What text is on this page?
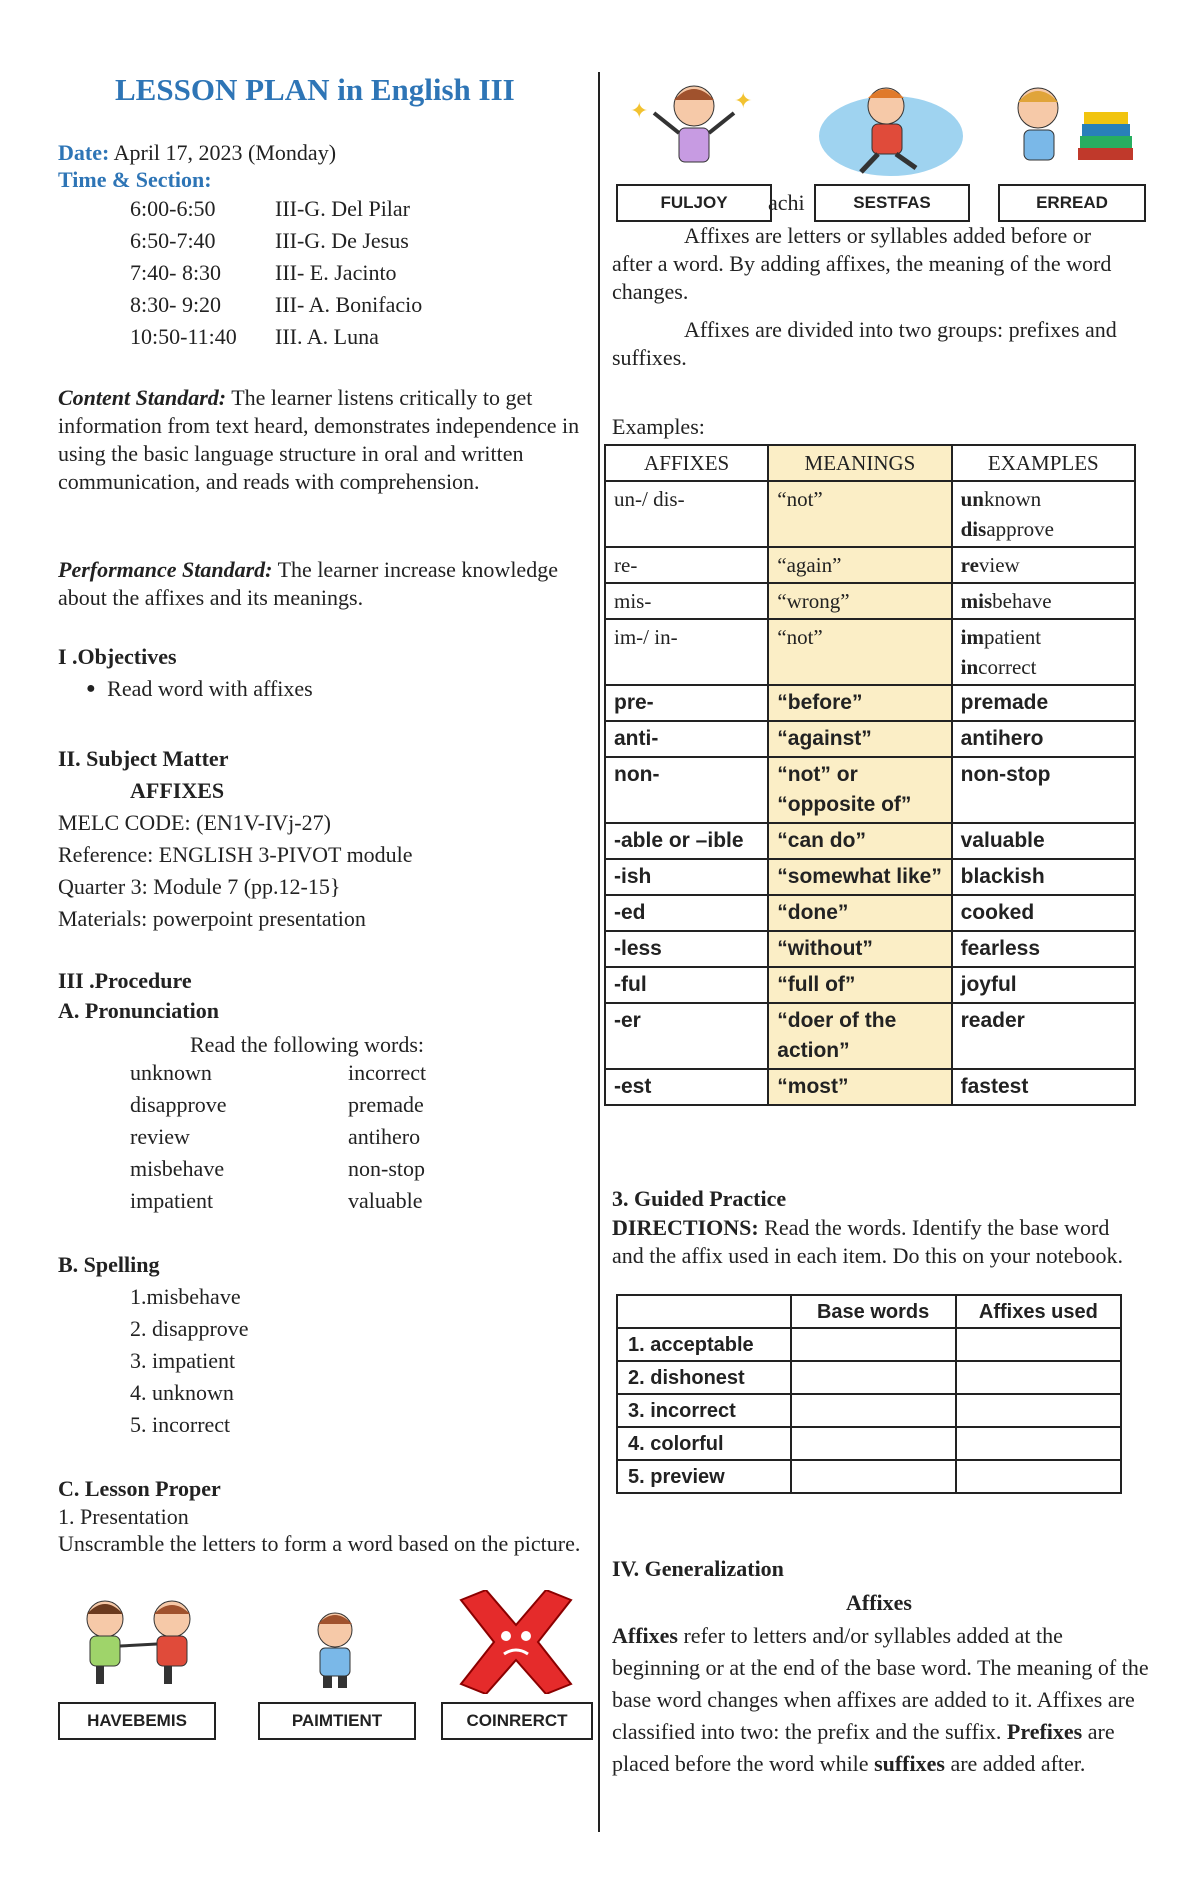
LESSON PLAN in English III
Date: April 17, 2023 (Monday)
Time & Section:
6:00-6:50	III-G. Del Pilar
6:50-7:40	III-G. De Jesus
7:40- 8:30 III- E. Jacinto
8:30- 9:20 III- A. Bonifacio
10:50-11:40 III. A. Luna
Content Standard: The learner listens critically to get information from text heard, demonstrates independence in using the basic language structure in oral and written communication, and reads with comprehension.
Performance Standard: The learner increase knowledge about the affixes and its meanings.
I .Objectives
● Read word with affixes
II. Subject Matter
AFFIXES
MELC CODE: (EN1V-IVj-27)
Reference: ENGLISH 3-PIVOT module
Quarter 3: Module 7 (pp.12-15}
Materials: powerpoint presentation
III .Procedure
A. Pronunciation
Read the following words:
unknown	incorrect
disapprove	premade
review	antihero
misbehave	non-stop
impatient	valuable
B. Spelling
1.misbehave
2. disapprove
3. impatient
4. unknown
5. incorrect
C. Lesson Proper
1. Presentation
Unscramble the letters to form a word based on the picture.
HAVEBEMIS	PAIMTIENT	COINRERCT
✦	✦
FULJOY	achi	SESTFAS	ERREAD
Affixes are letters or syllables added before or after a word. By adding affixes, the meaning of the word changes.
Affixes are divided into two groups: prefixes and suffixes.
Examples:
AFFIXES	MEANINGS	EXAMPLES
un-/ dis-	“not”	unknown
disapprove
re-	“again”	review
mis-	“wrong”	misbehave
im-/ in-	“not”	impatient
incorrect
pre-	“before”	premade
anti-	“against”	antihero
non-	“not” or “opposite of”	non-stop
-able or –ible	“can do”	valuable
-ish	“somewhat like”	blackish
-ed	“done”	cooked
-less	“without”	fearless
-ful	“full of”	joyful
-er	“doer of the action”	reader
-est	“most”	fastest
3. Guided Practice
DIRECTIONS: Read the words. Identify the base word and the affix used in each item. Do this on your notebook.
	Base words	Affixes used
1. acceptable		
2. dishonest		
3. incorrect		
4. colorful		
5. preview		
IV. Generalization
Affixes
Affixes refer to letters and/or syllables added at the beginning or at the end of the base word. The meaning of the base word changes when affixes are added to it. Affixes are classified into two: the prefix and the suffix. Prefixes are placed before the word while suffixes are added after.
